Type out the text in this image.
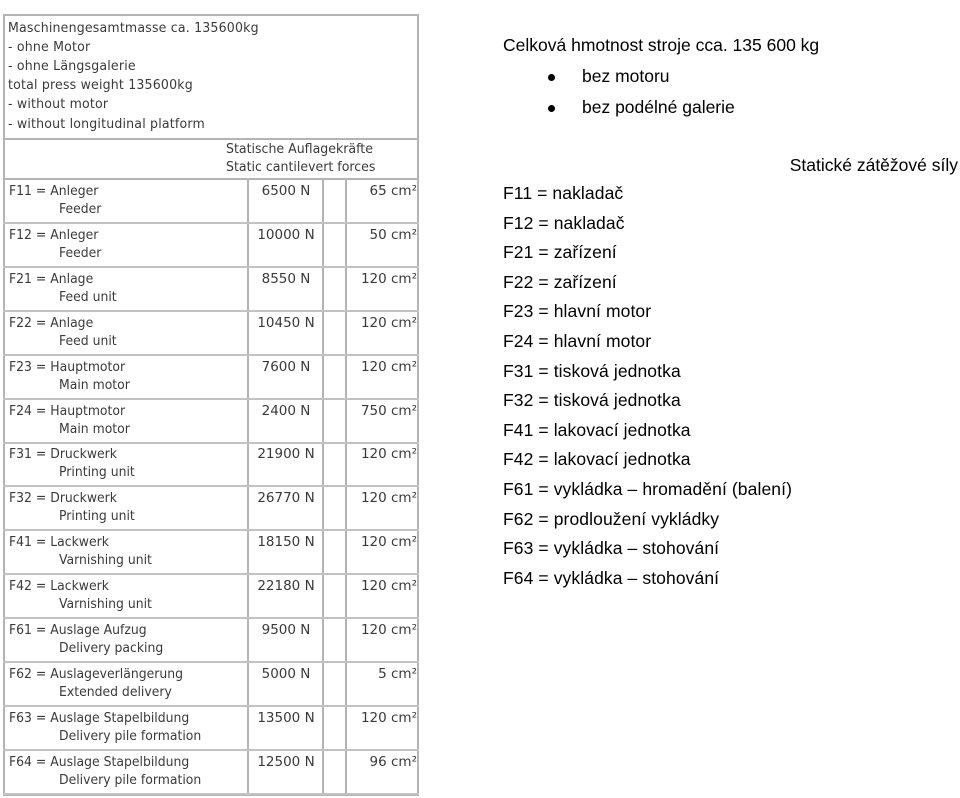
Maschinengesamtmasse ca. 135600kg
- ohne Motor
- ohne Längsgalerie
total press weight 135600kg
- without motor
- without longitudinal platform
Statische Auflagekräfte
Static cantilevert forces
F11 = Anleger
Feeder
6500 N	65 cm²
F12 = Anleger
Feeder
10000 N	50 cm²
F21 = Anlage
Feed unit
8550 N	120 cm²
F22 = Anlage
Feed unit
10450 N	120 cm²
F23 = Hauptmotor
Main motor
7600 N	120 cm²
F24 = Hauptmotor
Main motor
2400 N	750 cm²
F31 = Druckwerk
Printing unit
21900 N	120 cm²
F32 = Druckwerk
Printing unit
26770 N	120 cm²
F41 = Lackwerk
Varnishing unit
18150 N	120 cm²
F42 = Lackwerk
Varnishing unit
22180 N	120 cm²
F61 = Auslage Aufzug
Delivery packing
9500 N	120 cm²
F62 = Auslageverlängerung
Extended delivery
5000 N	5 cm²
F63 = Auslage Stapelbildung
Delivery pile formation
13500 N	120 cm²
F64 = Auslage Stapelbildung
Delivery pile formation
12500 N	96 cm²
Celková hmotnost stroje cca. 135 600 kg
bez motoru
bez podélné galerie
Statické zátěžové síly
F11 = nakladač
F12 = nakladač
F21 = zařízení
F22 = zařízení
F23 = hlavní motor
F24 = hlavní motor
F31 = tisková jednotka
F32 = tisková jednotka
F41 = lakovací jednotka
F42 = lakovací jednotka
F61 = vykládka – hromadění (balení)
F62 = prodloužení vykládky
F63 = vykládka – stohování
F64 = vykládka – stohování
